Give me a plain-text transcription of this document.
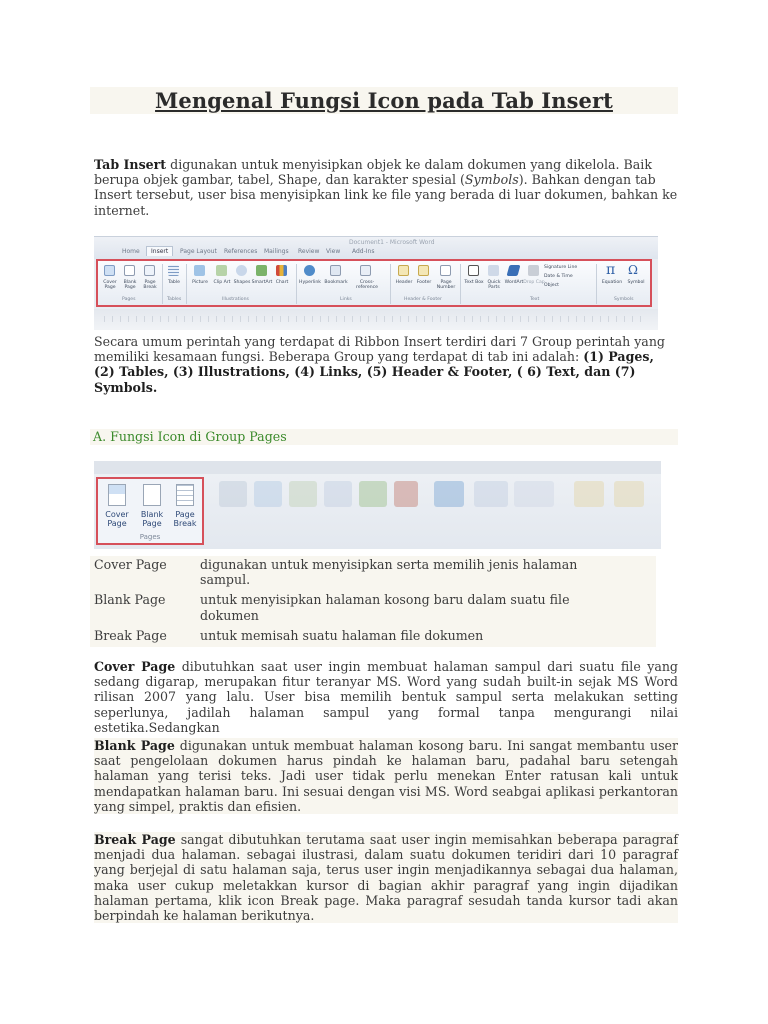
Mengenal Fungsi Icon pada Tab Insert
Tab Insert digunakan untuk menyisipkan objek ke dalam dokumen yang dikelola. Baik berupa objek gambar, tabel, Shape, dan karakter spesial (Symbols). Bahkan dengan tab Insert tersebut, user bisa menyisipkan link ke file yang berada di luar dokumen, bahkan ke
internet.
Document1 - Microsoft Word
Home	Insert	Page Layout References Mailings Review View Add-Ins
Cover Page
Blank Page
Page Break
Pages
Table
Tables
Picture	Clip Art Shapes SmartArt Chart
Illustrations
Hyperlink Bookmark	Cross-reference
Links
Header Footer	Page Number
Header & Footer
Text Box Quick Parts
WordArt Drop Cap
Signature Line
Date & Time
Object
Text
π
Equation
Ω
Symbol
Symbols
Secara umum perintah yang terdapat di Ribbon Insert terdiri dari 7 Group perintah yang memiliki kesamaan fungsi. Beberapa Group yang terdapat di tab ini adalah: (1) Pages, (2) Tables, (3) Illustrations, (4) Links, (5) Header & Footer, ( 6) Text, dan (7) Symbols.
A. Fungsi Icon di Group Pages
Cover
Page
Blank
Page
Page
Break
Pages
Cover Page	digunakan untuk menyisipkan serta memilih jenis halaman sampul.
Blank Page	untuk menyisipkan halaman kosong baru dalam suatu file dokumen
Break Page	untuk memisah suatu halaman file dokumen
Cover Page dibutuhkan saat user ingin membuat halaman sampul dari suatu file yang sedang digarap, merupakan fitur teranyar MS. Word yang sudah built-in sejak MS Word rilisan 2007 yang lalu. User bisa memilih bentuk sampul serta melakukan setting seperlunya, jadilah halaman sampul yang formal tanpa mengurangi nilai estetika.Sedangkan
Blank Page digunakan untuk membuat halaman kosong baru. Ini sangat membantu user saat pengelolaan dokumen harus pindah ke halaman baru, padahal baru setengah halaman yang terisi teks. Jadi user tidak perlu menekan Enter ratusan kali untuk mendapatkan halaman baru. Ini sesuai dengan visi MS. Word seabgai aplikasi perkantoran yang simpel, praktis dan efisien.
Break Page sangat dibutuhkan terutama saat user ingin memisahkan beberapa paragraf menjadi dua halaman. sebagai ilustrasi, dalam suatu dokumen teridiri dari 10 paragraf yang berjejal di satu halaman saja, terus user ingin menjadikannya sebagai dua halaman, maka user cukup meletakkan kursor di bagian akhir paragraf yang ingin dijadikan halaman pertama, klik icon Break page. Maka paragraf sesudah tanda kursor tadi akan berpindah ke halaman berikutnya.
